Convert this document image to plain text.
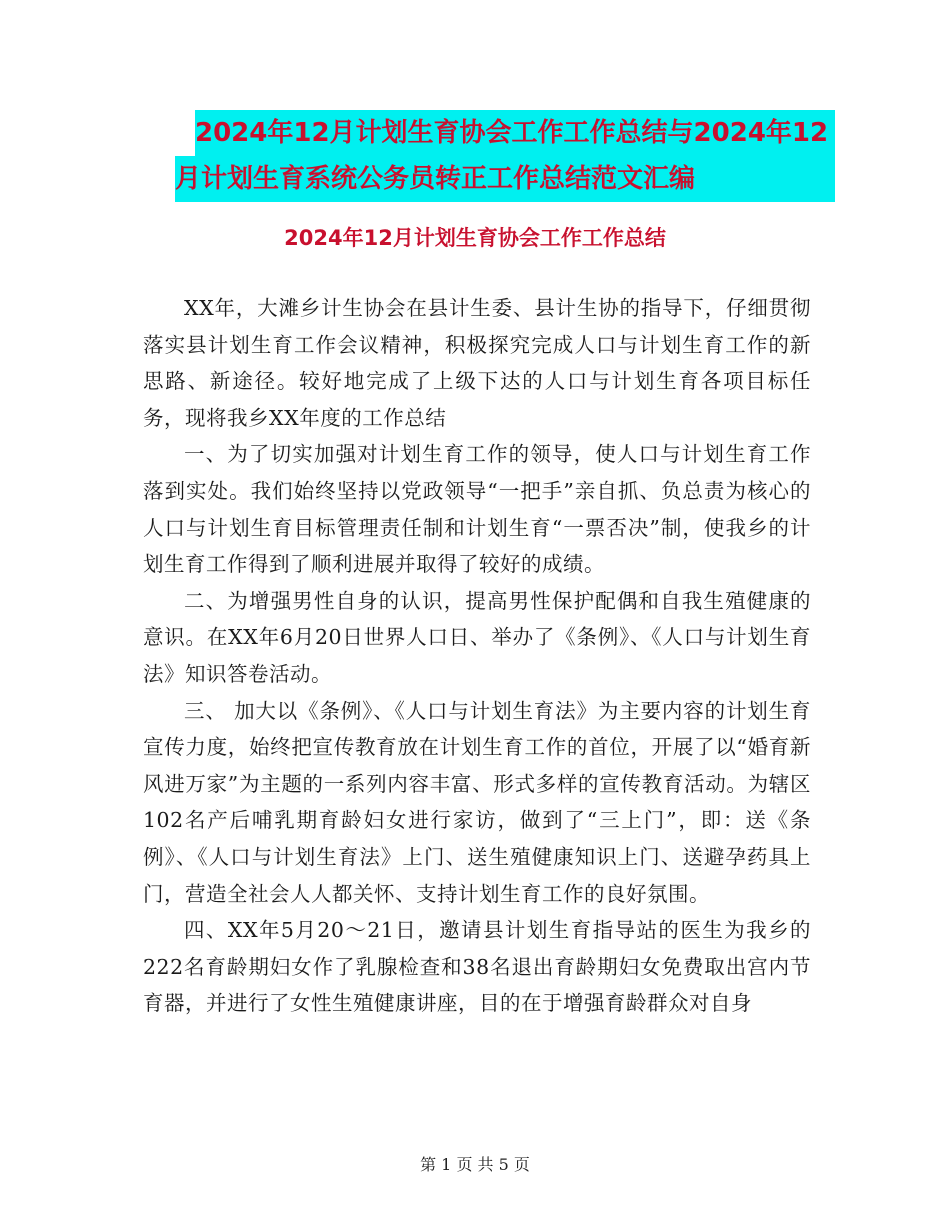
2024年12月计划生育协会工作工作总结与2024年12
月计划生育系统公务员转正工作总结范文汇编
2024年12月计划生育协会工作工作总结

XX年，大滩乡计生协会在县计生委、县计生协的指导下，仔细贯彻落实县计划生育工作会议精神，积极探究完成人口与计划生育工作的新思路、新途径。较好地完成了上级下达的人口与计划生育各项目标任务，现将我乡XX年度的工作总结

一、为了切实加强对计划生育工作的领导，使人口与计划生育工作落到实处。我们始终坚持以党政领导“一把手”亲自抓、负总责为核心的人口与计划生育目标管理责任制和计划生育“一票否决”制，使我乡的计划生育工作得到了顺利进展并取得了较好的成绩。

二、为增强男性自身的认识，提高男性保护配偶和自我生殖健康的意识。在XX年6月20日世界人口日、举办了《条例》、《人口与计划生育法》知识答卷活动。

三、 加大以《条例》、《人口与计划生育法》为主要内容的计划生育宣传力度，始终把宣传教育放在计划生育工作的首位，开展了以“婚育新风进万家”为主题的一系列内容丰富、形式多样的宣传教育活动。为辖区102名产后哺乳期育龄妇女进行家访，做到了“三上门”，即：送《条例》、《人口与计划生育法》上门、送生殖健康知识上门、送避孕药具上门，营造全社会人人都关怀、支持计划生育工作的良好氛围。

四、XX年5月20～21日，邀请县计划生育指导站的医生为我乡的222名育龄期妇女作了乳腺检查和38名退出育龄期妇女免费取出宫内节育器，并进行了女性生殖健康讲座，目的在于增强育龄群众对自身

第 1 页 共 5 页
